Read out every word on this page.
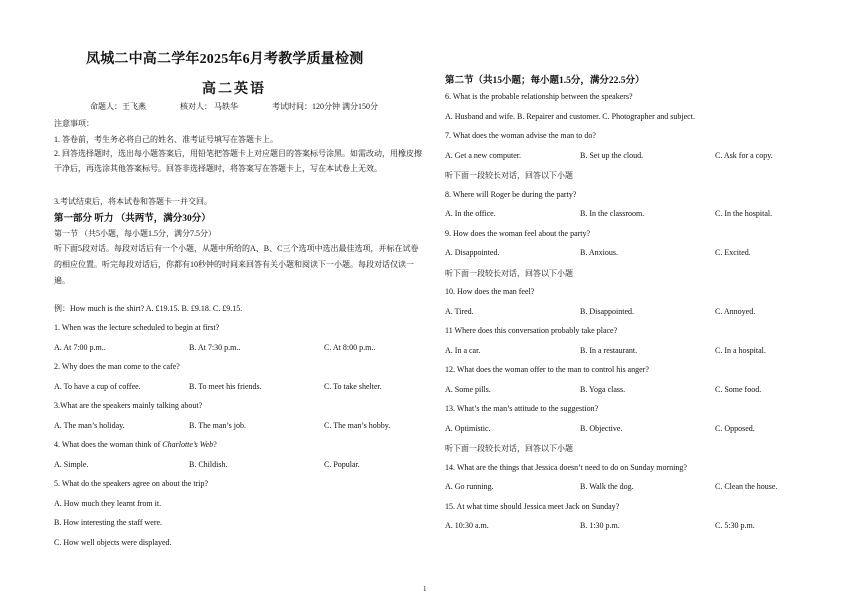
凤城二中高二学年2025年6月考教学质量检测
高二英语
命题人：王飞燕	核对人： 马轶华	考试时间：120分钟 满分150分
注意事项：
1. 答卷前，考生务必将自己的姓名、准考证号填写在答题卡上。
2. 回答选择题时，选出每小题答案后，用铅笔把答题卡上对应题目的答案标号涂黑。如需改动，用橡皮擦干净后，再选涂其他答案标号。回答非选择题时，将答案写在答题卡上，写在本试卷上无效。
3.考试结束后，将本试卷和答题卡一并交回。
第一部分 听力 （共两节，满分30分）
第一节 （共5小题，每小题1.5分，满分7.5分）
听下面5段对话。每段对话后有一个小题，从题中所给的A、B、C三个选项中选出最佳选项，并标在试卷的相应位置。听完每段对话后，你都有10秒钟的时间来回答有关小题和阅读下一小题。每段对话仅读一遍。
例：How much is the shirt? A. £19.15. B. £9.18. C. £9.15.
1. When was the lecture scheduled to begin at first?
A. At 7:00 p.m..	B. At 7:30 p.m..	C. At 8:00 p.m..
2. Why does the man come to the cafe?
A. To have a cup of coffee.	B. To meet his friends.	C. To take shelter.
3.What are the speakers mainly talking about?
A. The man’s holiday.	B. The man’s job.	C. The man’s hobby.
4. What does the woman think of Charlotte’s Web?
A. Simple.	B. Childish.	C. Popular.
5. What do the speakers agree on about the trip?
A. How much they learnt from it.
B. How interesting the staff were.
C. How well objects were displayed.
第二节（共15小题；每小题1.5分，满分22.5分）
6. What is the probable relationship between the speakers?
A. Husband and wife. B. Repairer and customer. C. Photographer and subject.
7. What does the woman advise the man to do?
A. Get a new computer.	B. Set up the cloud.	C. Ask for a copy.
听下面一段较长对话，回答以下小题
8. Where will Roger be during the party?
A. In the office.	B. In the classroom.	C. In the hospital.
9. How does the woman feel about the party?
A. Disappointed.	B. Anxious.	C. Excited.
听下面一段较长对话，回答以下小题
10. How does the man feel?
A. Tired.	B. Disappointed.	C. Annoyed.
11 Where does this conversation probably take place?
A. In a car.	B. In a restaurant.	C. In a hospital.
12. What does the woman offer to the man to control his anger?
A. Some pills.	B. Yoga class.	C. Some food.
13. What’s the man’s attitude to the suggestion?
A. Optimistic.	B. Objective.	C. Opposed.
听下面一段较长对话，回答以下小题
14. What are the things that Jessica doesn’t need to do on Sunday morning?
A. Go running.	B. Walk the dog.	C. Clean the house.
15. At what time should Jessica meet Jack on Sunday?
A. 10:30 a.m.	B. 1:30 p.m.	C. 5:30 p.m.
1
